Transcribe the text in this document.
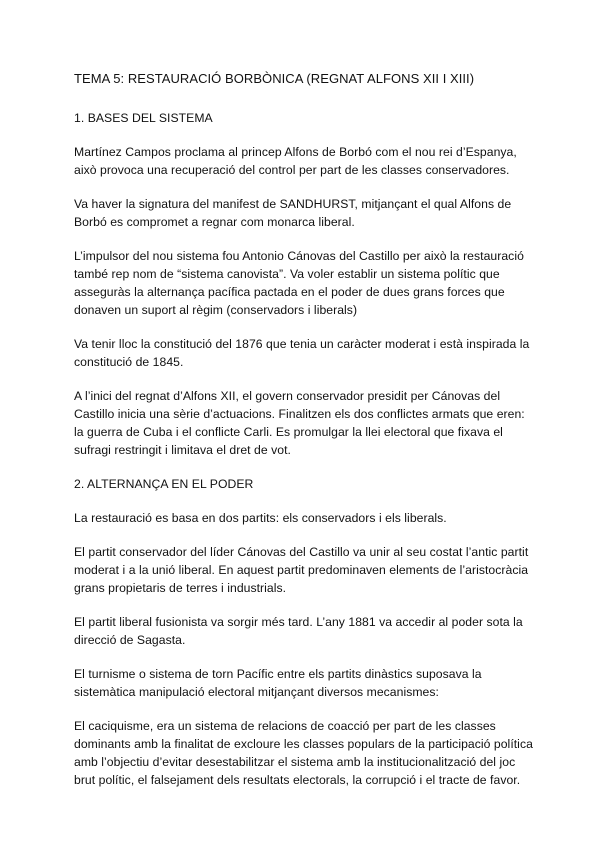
TEMA 5: RESTAURACIÓ BORBÒNICA (REGNAT ALFONS XII I XIII)
1. BASES DEL SISTEMA

Martínez Campos proclama al princep Alfons de Borbó com el nou rei d’Espanya, això provoca una recuperació del control per part de les classes conservadores.

Va haver la signatura del manifest de SANDHURST, mitjançant el qual Alfons de Borbó es compromet a regnar com monarca liberal.

L’impulsor del nou sistema fou Antonio Cánovas del Castillo per això la restauració també rep nom de “sistema canovista”. Va voler establir un sistema polític que asseguràs la alternança pacífica pactada en el poder de dues grans forces que donaven un suport al règim (conservadors i liberals)

Va tenir lloc la constitució del 1876 que tenia un caràcter moderat i està inspirada la constitució de 1845.

A l’inici del regnat d’Alfons XII, el govern conservador presidit per Cánovas del Castillo inicia una sèrie d’actuacions. Finalitzen els dos conflictes armats que eren: la guerra de Cuba i el conflicte Carli. Es promulgar la llei electoral que fixava el sufragi restringit i limitava el dret de vot.

2. ALTERNANÇA EN EL PODER

La restauració es basa en dos partits: els conservadors i els liberals.

El partit conservador del líder Cánovas del Castillo va unir al seu costat l’antic partit moderat i a la unió liberal. En aquest partit predominaven elements de l’aristocràcia grans propietaris de terres i industrials.

El partit liberal fusionista va sorgir més tard. L’any 1881 va accedir al poder sota la direcció de Sagasta.

El turnisme o sistema de torn Pacífic entre els partits dinàstics suposava la sistemàtica manipulació electoral mitjançant diversos mecanismes:

El caciquisme, era un sistema de relacions de coacció per part de les classes dominants amb la finalitat de excloure les classes populars de la participació política amb l’objectiu d’evitar desestabilitzar el sistema amb la institucionalització del joc brut polític, el falsejament dels resultats electorals, la corrupció i el tracte de favor.
